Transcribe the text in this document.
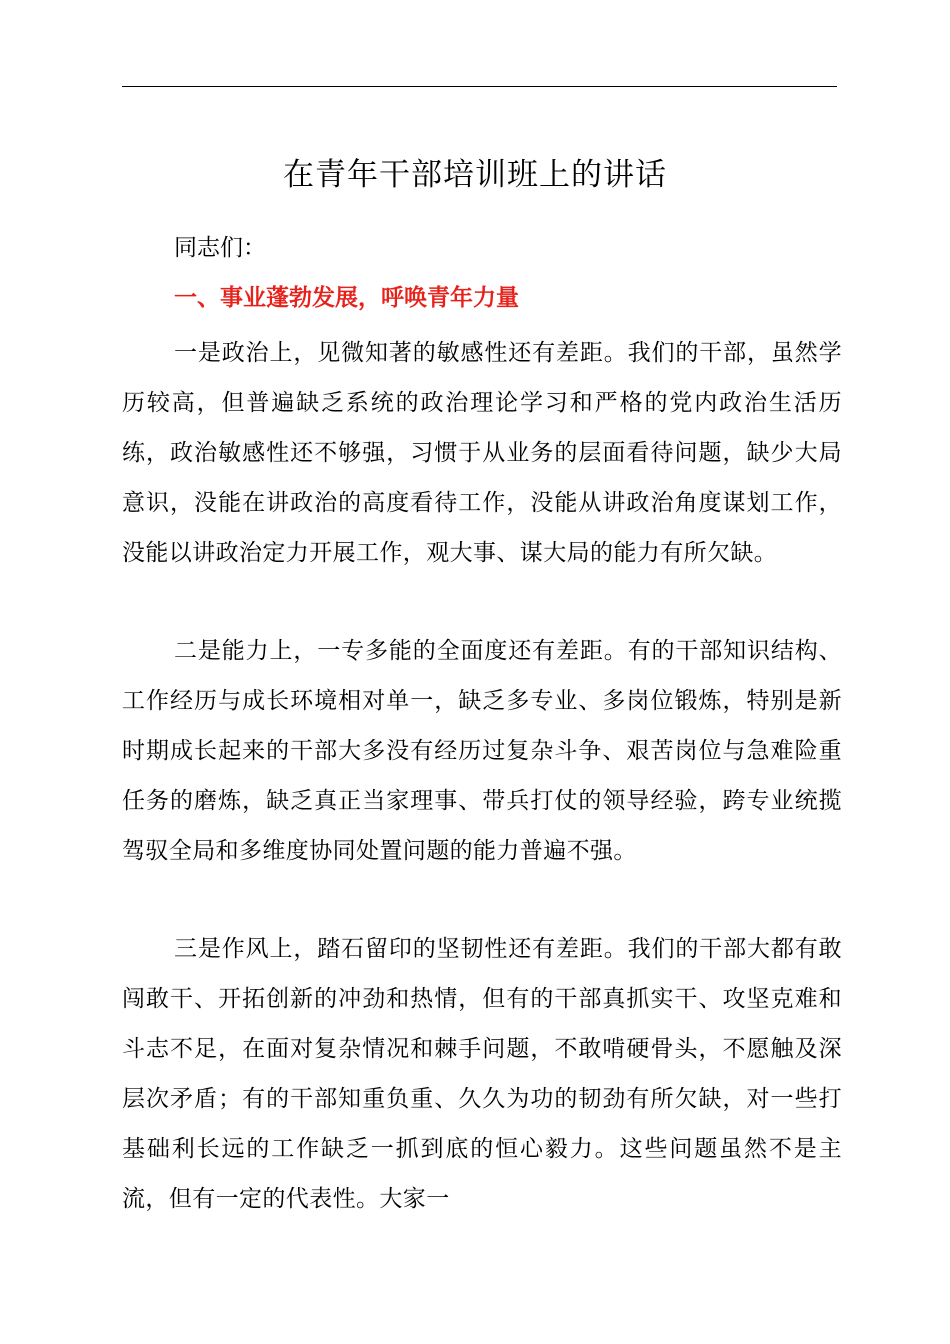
在青年干部培训班上的讲话

同志们：

一、事业蓬勃发展，呼唤青年力量

一是政治上，见微知著的敏感性还有差距。我们的干部，虽然学历较高，但普遍缺乏系统的政治理论学习和严格的党内政治生活历练，政治敏感性还不够强，习惯于从业务的层面看待问题，缺少大局意识，没能在讲政治的高度看待工作，没能从讲政治角度谋划工作，没能以讲政治定力开展工作，观大事、谋大局的能力有所欠缺。

二是能力上，一专多能的全面度还有差距。有的干部知识结构、工作经历与成长环境相对单一，缺乏多专业、多岗位锻炼，特别是新时期成长起来的干部大多没有经历过复杂斗争、艰苦岗位与急难险重任务的磨炼，缺乏真正当家理事、带兵打仗的领导经验，跨专业统揽驾驭全局和多维度协同处置问题的能力普遍不强。

三是作风上，踏石留印的坚韧性还有差距。我们的干部大都有敢闯敢干、开拓创新的冲劲和热情，但有的干部真抓实干、攻坚克难和斗志不足，在面对复杂情况和棘手问题，不敢啃硬骨头，不愿触及深层次矛盾；有的干部知重负重、久久为功的韧劲有所欠缺，对一些打基础利长远的工作缺乏一抓到底的恒心毅力。这些问题虽然不是主流，但有一定的代表性。大家一
